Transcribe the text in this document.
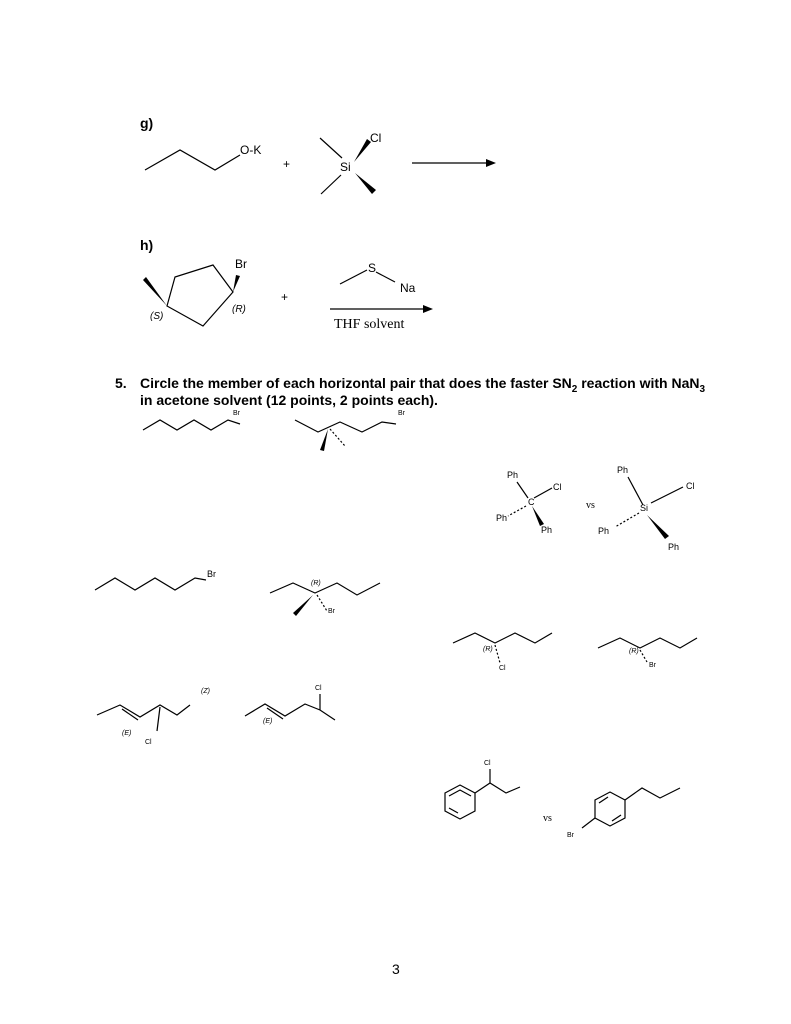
g)
O-K
+	Si
Cl
h)
Br
(R)
(S)
+
S
Na
THF solvent
5. Circle the member of each horizontal pair that does the faster $SN_2$ reaction with NaN$_3$
in acetone solvent (12 points, 2 points each).
Br	Br
Ph
Cl
C
Ph
Ph
vs
Ph
Cl
Si
Ph
Ph
Br
(R)
Br
(R)
Cl
(R)
Br
(E)
Cl
(Z)	Cl
(E)
Cl
vs
Br
3
